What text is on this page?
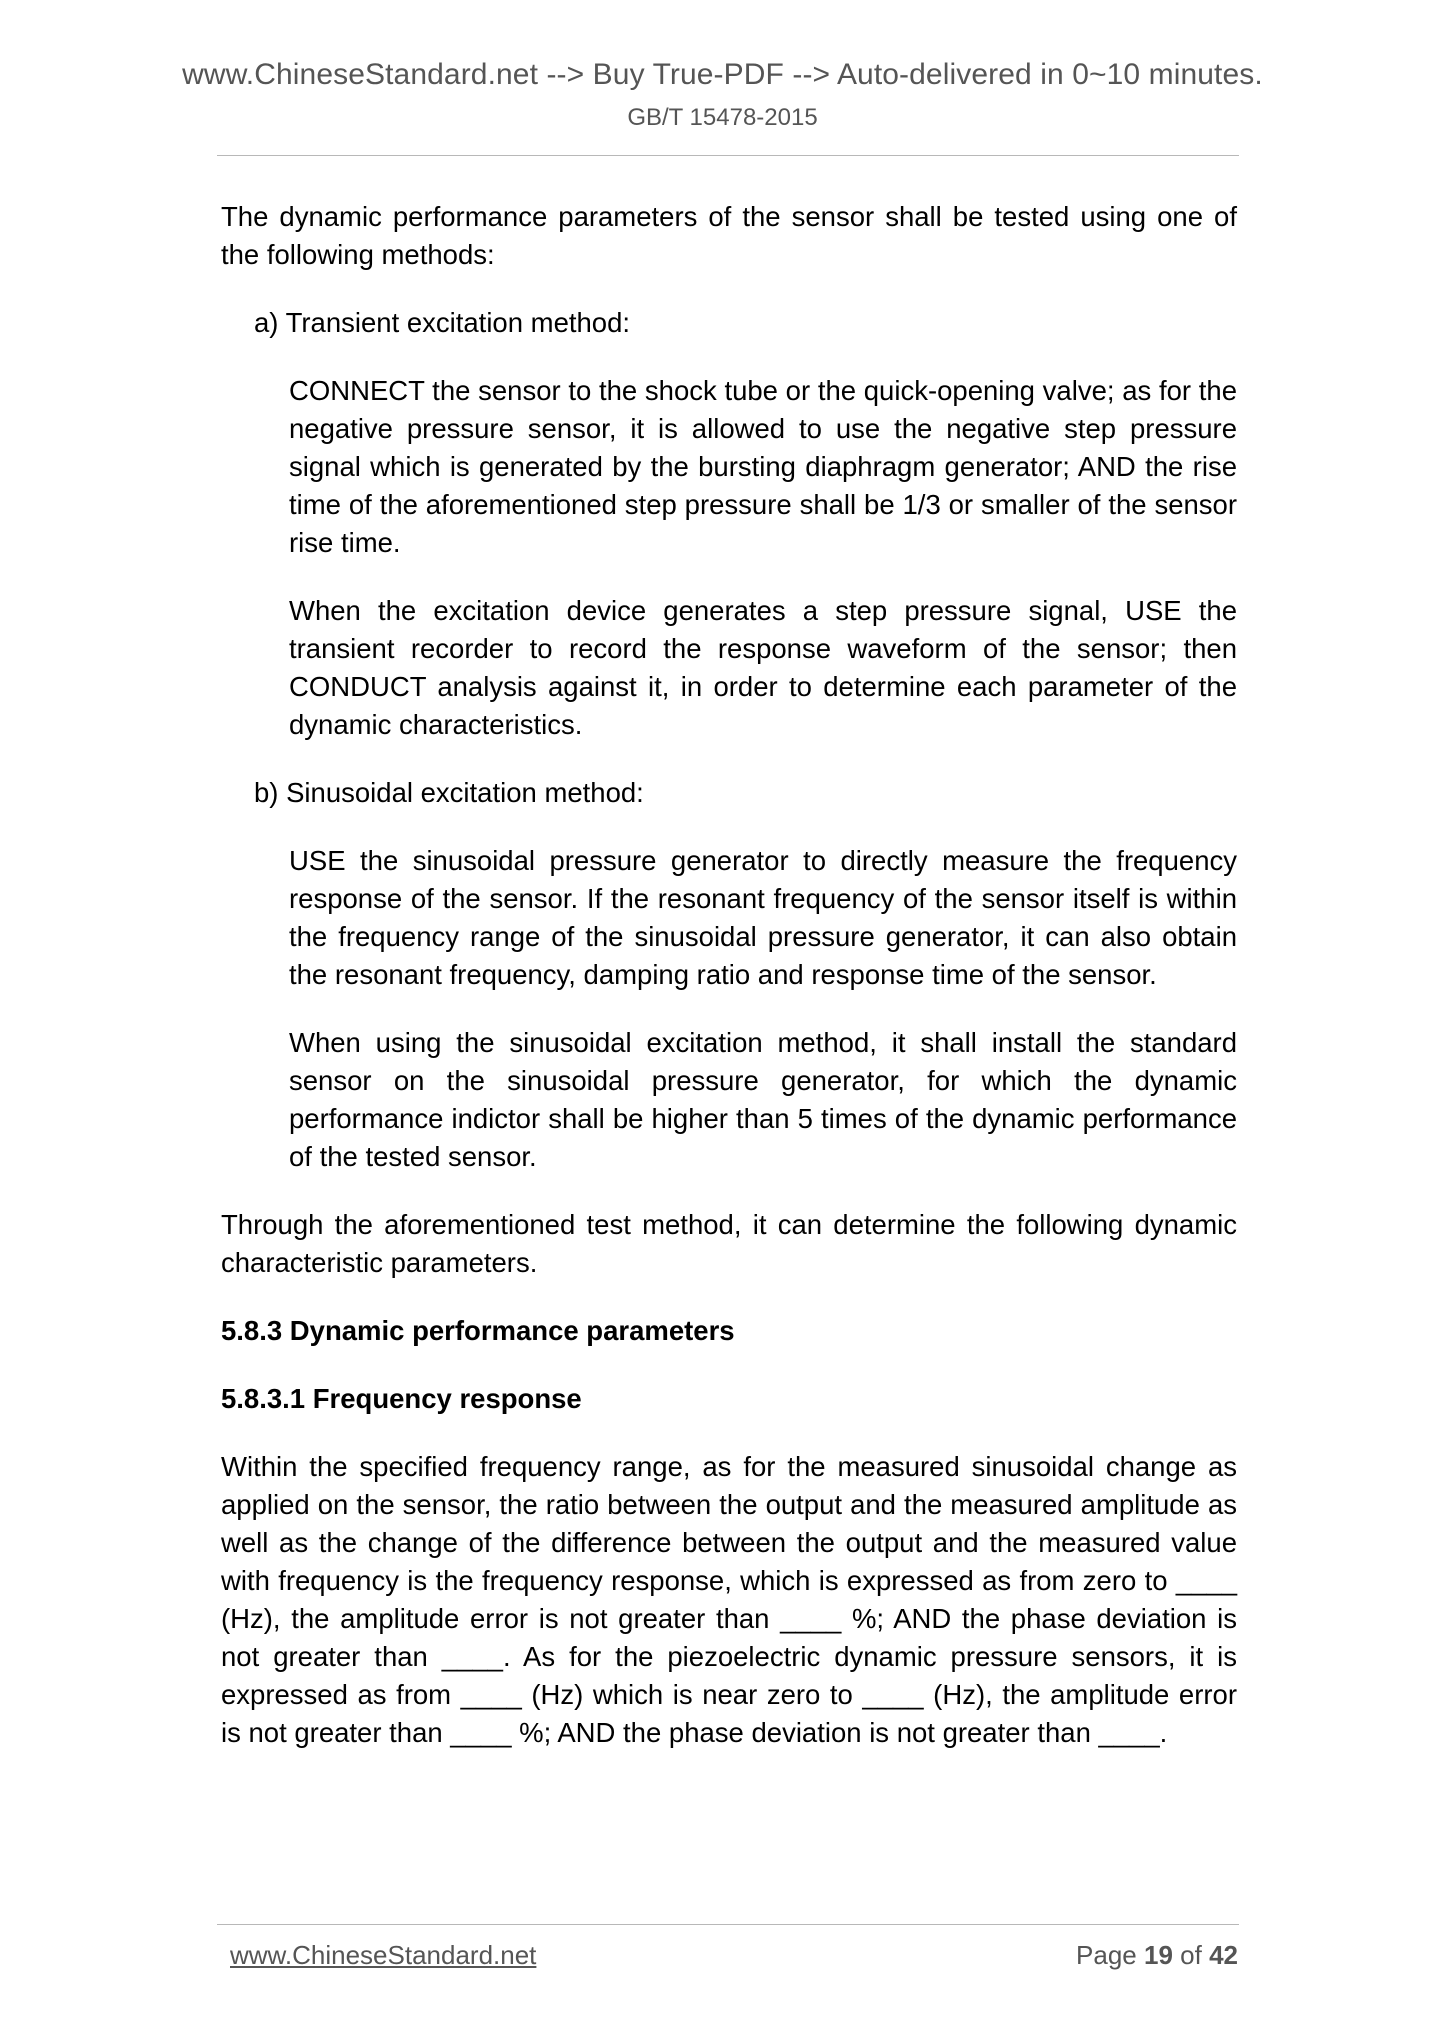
www.ChineseStandard.net --> Buy True-PDF --> Auto-delivered in 0~10 minutes.
GB/T 15478-2015

The dynamic performance parameters of the sensor shall be tested using one of the following methods:

a) Transient excitation method:

CONNECT the sensor to the shock tube or the quick-opening valve; as for the negative pressure sensor, it is allowed to use the negative step pressure signal which is generated by the bursting diaphragm generator; AND the rise time of the aforementioned step pressure shall be 1/3 or smaller of the sensor rise time.

When the excitation device generates a step pressure signal, USE the transient recorder to record the response waveform of the sensor; then CONDUCT analysis against it, in order to determine each parameter of the dynamic characteristics.

b) Sinusoidal excitation method:

USE the sinusoidal pressure generator to directly measure the frequency response of the sensor. If the resonant frequency of the sensor itself is within the frequency range of the sinusoidal pressure generator, it can also obtain the resonant frequency, damping ratio and response time of the sensor.

When using the sinusoidal excitation method, it shall install the standard sensor on the sinusoidal pressure generator, for which the dynamic performance indictor shall be higher than 5 times of the dynamic performance of the tested sensor.

Through the aforementioned test method, it can determine the following dynamic characteristic parameters.

5.8.3 Dynamic performance parameters
5.8.3.1 Frequency response

Within the specified frequency range, as for the measured sinusoidal change as applied on the sensor, the ratio between the output and the measured amplitude as well as the change of the difference between the output and the measured value with frequency is the frequency response, which is expressed as from zero to ____ (Hz), the amplitude error is not greater than ____ %; AND the phase deviation is not greater than ____. As for the piezoelectric dynamic pressure sensors, it is expressed as from ____ (Hz) which is near zero to ____ (Hz), the amplitude error is not greater than ____ %; AND the phase deviation is not greater than ____.

www.ChineseStandard.net	Page 19 of 42
